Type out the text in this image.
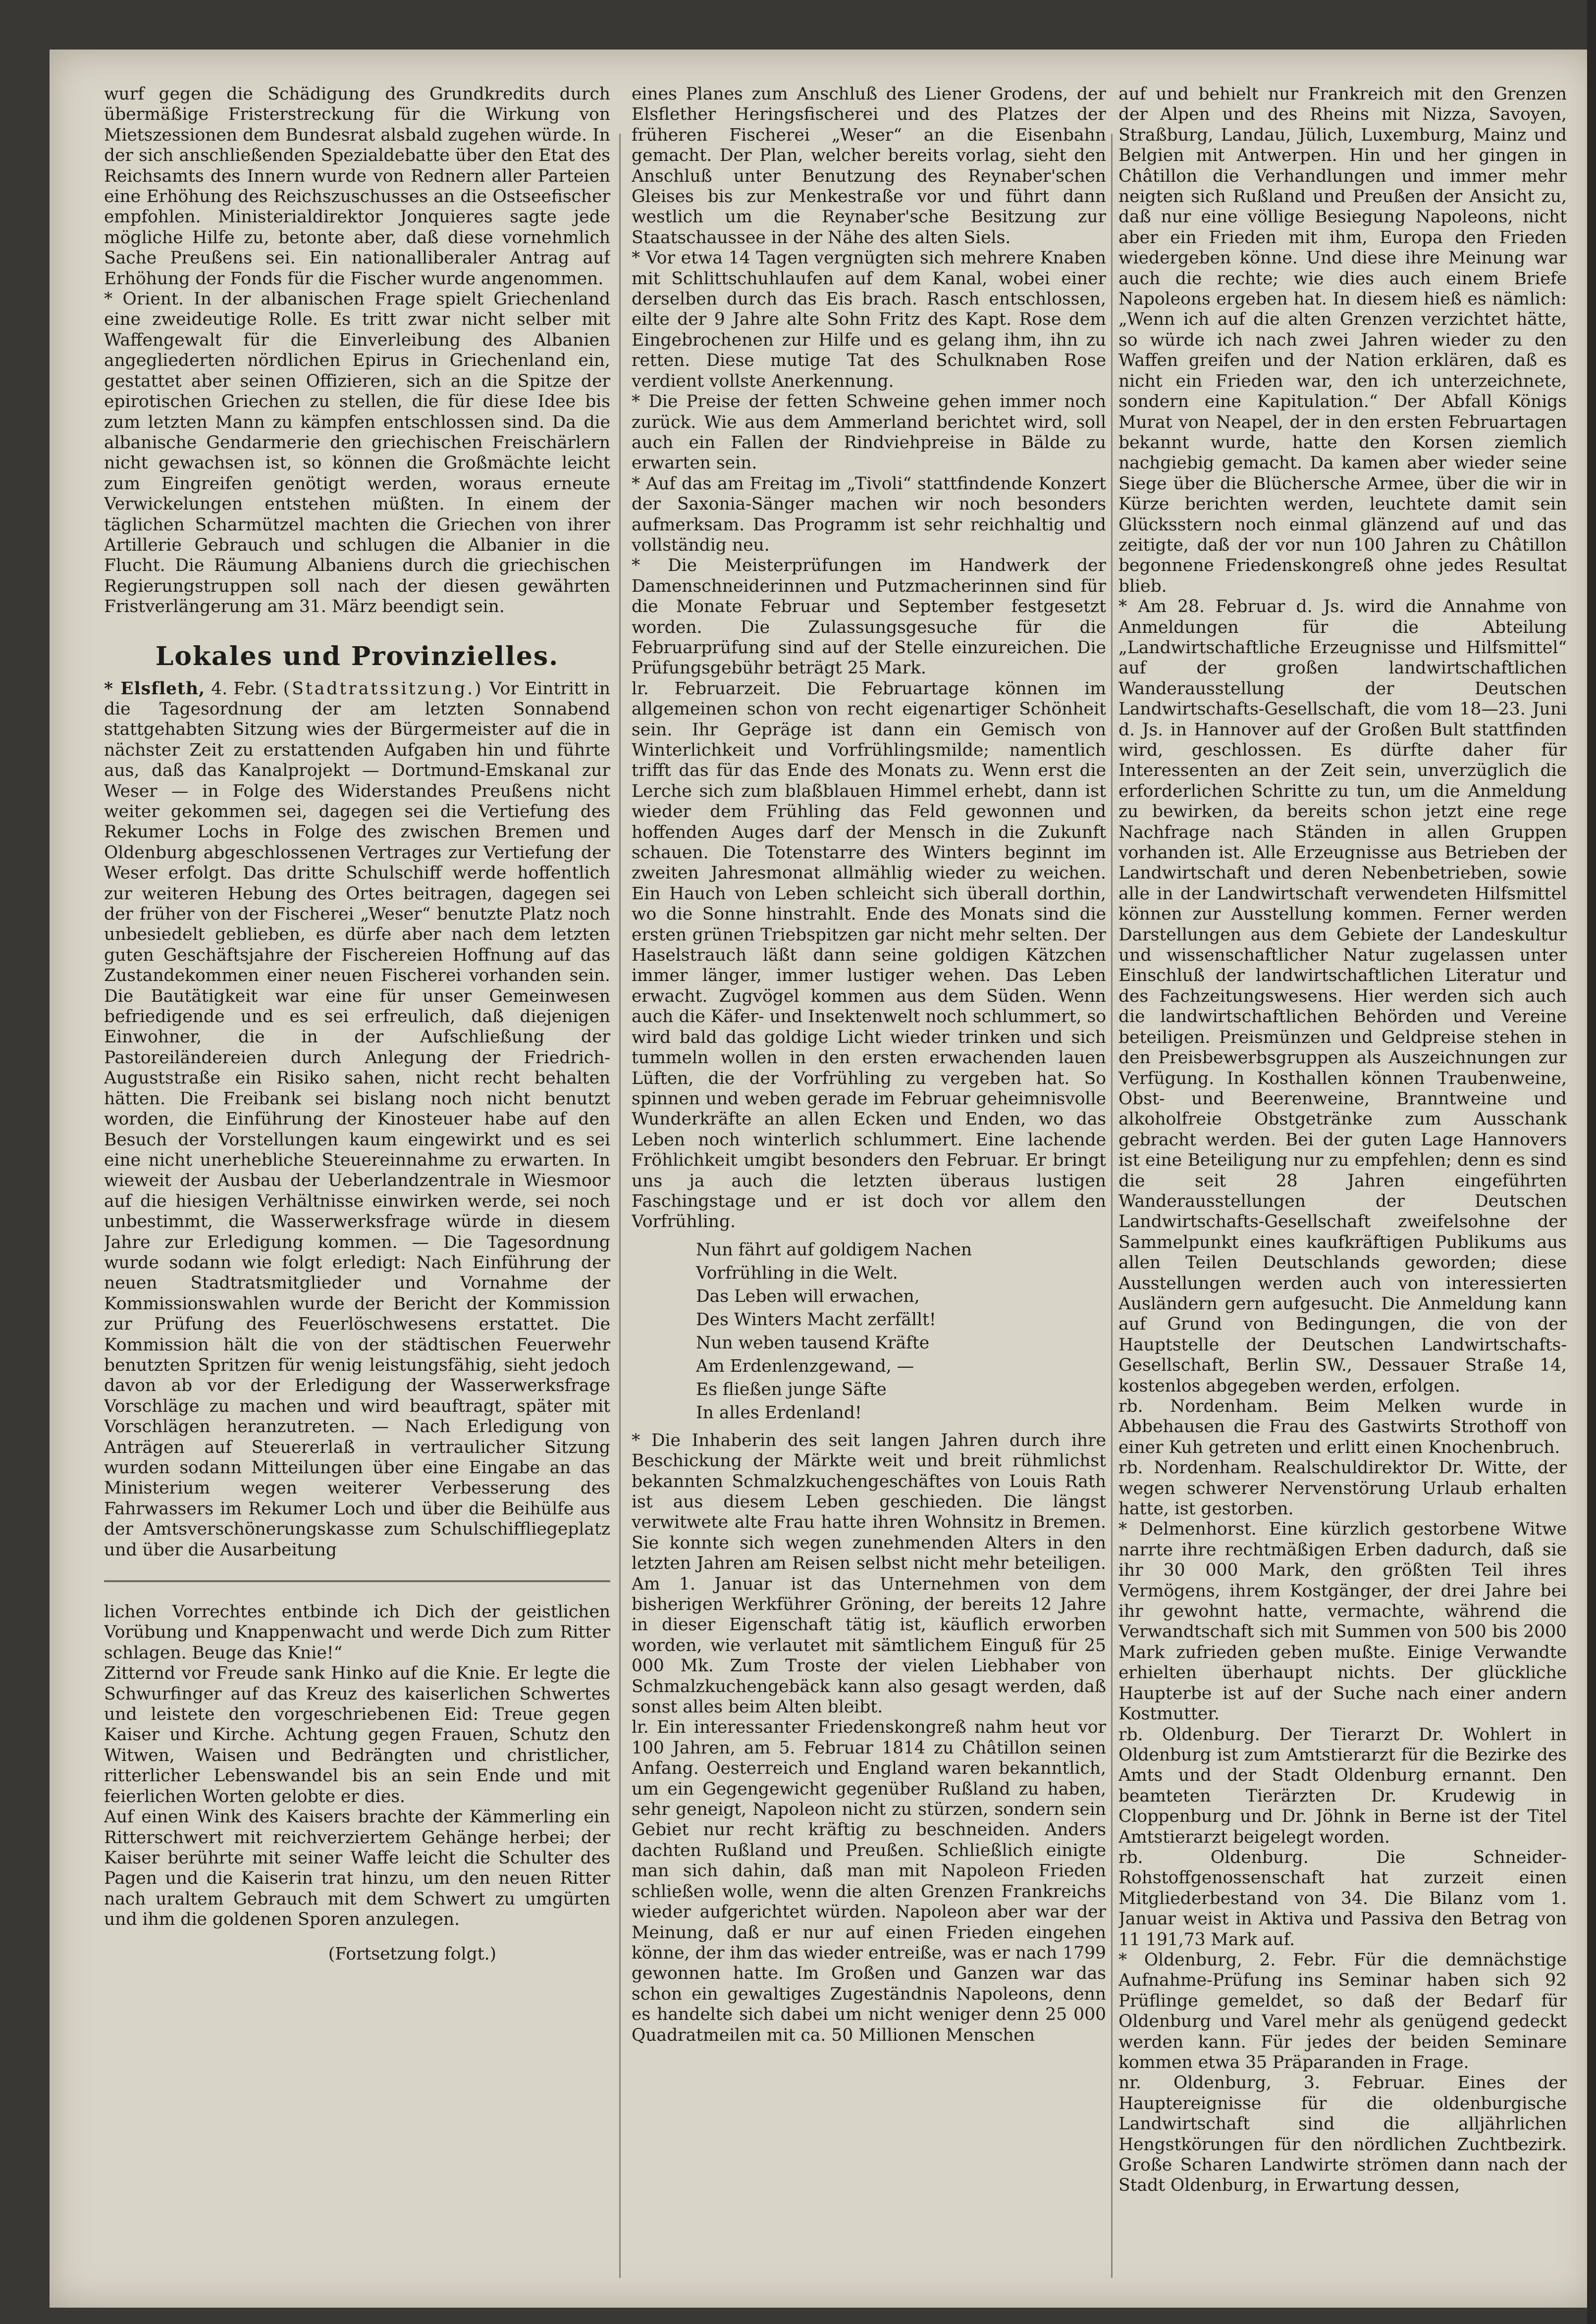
wurf gegen die Schädigung des Grundkredits durch übermäßige Fristerstreckung für die Wirkung von Mietszessionen dem Bundesrat alsbald zugehen würde. In der sich anschließenden Spezialdebatte über den Etat des Reichsamts des Innern wurde von Rednern aller Parteien eine Erhöhung des Reichszuschusses an die Ostseefischer empfohlen. Ministerialdirektor Jonquieres sagte jede mögliche Hilfe zu, betonte aber, daß diese vornehmlich Sache Preußens sei. Ein nationalliberaler Antrag auf Erhöhung der Fonds für die Fischer wurde angenommen.

* Orient. In der albanischen Frage spielt Griechenland eine zweideutige Rolle. Es tritt zwar nicht selber mit Waffengewalt für die Einverleibung des Albanien angegliederten nördlichen Epirus in Griechenland ein, gestattet aber seinen Offizieren, sich an die Spitze der epirotischen Griechen zu stellen, die für diese Idee bis zum letzten Mann zu kämpfen entschlossen sind. Da die albanische Gendarmerie den griechischen Freischärlern nicht gewachsen ist, so können die Großmächte leicht zum Eingreifen genötigt werden, woraus erneute Verwickelungen entstehen müßten. In einem der täglichen Scharmützel machten die Griechen von ihrer Artillerie Gebrauch und schlugen die Albanier in die Flucht. Die Räumung Albaniens durch die griechischen Regierungstruppen soll nach der diesen gewährten Fristverlängerung am 31. März beendigt sein.

Lokales und Provinzielles.

* Elsfleth, 4. Febr. (Stadtratssitzung.) Vor Eintritt in die Tagesordnung der am letzten Sonnabend stattgehabten Sitzung wies der Bürgermeister auf die in nächster Zeit zu erstattenden Aufgaben hin und führte aus, daß das Kanalprojekt — Dortmund-Emskanal zur Weser — in Folge des Widerstandes Preußens nicht weiter gekommen sei, dagegen sei die Vertiefung des Rekumer Lochs in Folge des zwischen Bremen und Oldenburg abgeschlossenen Vertrages zur Vertiefung der Weser erfolgt. Das dritte Schulschiff werde hoffentlich zur weiteren Hebung des Ortes beitragen, dagegen sei der früher von der Fischerei „Weser“ benutzte Platz noch unbesiedelt geblieben, es dürfe aber nach dem letzten guten Geschäftsjahre der Fischereien Hoffnung auf das Zustandekommen einer neuen Fischerei vorhanden sein. Die Bautätigkeit war eine für unser Gemeinwesen befriedigende und es sei erfreulich, daß diejenigen Einwohner, die in der Aufschließung der Pastoreiländereien durch Anlegung der Friedrich-Auguststraße ein Risiko sahen, nicht recht behalten hätten. Die Freibank sei bislang noch nicht benutzt worden, die Einführung der Kinosteuer habe auf den Besuch der Vorstellungen kaum eingewirkt und es sei eine nicht unerhebliche Steuereinnahme zu erwarten. In wieweit der Ausbau der Ueberlandzentrale in Wiesmoor auf die hiesigen Verhältnisse einwirken werde, sei noch unbestimmt, die Wasserwerksfrage würde in diesem Jahre zur Erledigung kommen. — Die Tagesordnung wurde sodann wie folgt erledigt: Nach Einführung der neuen Stadtratsmitglieder und Vornahme der Kommissionswahlen wurde der Bericht der Kommission zur Prüfung des Feuerlöschwesens erstattet. Die Kommission hält die von der städtischen Feuerwehr benutzten Spritzen für wenig leistungsfähig, sieht jedoch davon ab vor der Erledigung der Wasserwerksfrage Vorschläge zu machen und wird beauftragt, später mit Vorschlägen heranzutreten. — Nach Erledigung von Anträgen auf Steuererlaß in vertraulicher Sitzung wurden sodann Mitteilungen über eine Eingabe an das Ministerium wegen weiterer Verbesserung des Fahrwassers im Rekumer Loch und über die Beihülfe aus der Amtsverschönerungskasse zum Schulschiffliegeplatz und über die Ausarbeitung

lichen Vorrechtes entbinde ich Dich der geistlichen Vorübung und Knappenwacht und werde Dich zum Ritter schlagen. Beuge das Knie!“

Zitternd vor Freude sank Hinko auf die Knie. Er legte die Schwurfinger auf das Kreuz des kaiserlichen Schwertes und leistete den vorgeschriebenen Eid: Treue gegen Kaiser und Kirche. Achtung gegen Frauen, Schutz den Witwen, Waisen und Bedrängten und christlicher, ritterlicher Lebenswandel bis an sein Ende und mit feierlichen Worten gelobte er dies.

Auf einen Wink des Kaisers brachte der Kämmerling ein Ritterschwert mit reichverziertem Gehänge herbei; der Kaiser berührte mit seiner Waffe leicht die Schulter des Pagen und die Kaiserin trat hinzu, um den neuen Ritter nach uraltem Gebrauch mit dem Schwert zu umgürten und ihm die goldenen Sporen anzulegen.

(Fortsetzung folgt.)

eines Planes zum Anschluß des Liener Grodens, der Elsflether Heringsfischerei und des Platzes der früheren Fischerei „Weser“ an die Eisenbahn gemacht. Der Plan, welcher bereits vorlag, sieht den Anschluß unter Benutzung des Reynaber'schen Gleises bis zur Menkestraße vor und führt dann westlich um die Reynaber'sche Besitzung zur Staatschaussee in der Nähe des alten Siels.

* Vor etwa 14 Tagen vergnügten sich mehrere Knaben mit Schlittschuhlaufen auf dem Kanal, wobei einer derselben durch das Eis brach. Rasch entschlossen, eilte der 9 Jahre alte Sohn Fritz des Kapt. Rose dem Eingebrochenen zur Hilfe und es gelang ihm, ihn zu retten. Diese mutige Tat des Schulknaben Rose verdient vollste Anerkennung.

* Die Preise der fetten Schweine gehen immer noch zurück. Wie aus dem Ammerland berichtet wird, soll auch ein Fallen der Rindviehpreise in Bälde zu erwarten sein.

* Auf das am Freitag im „Tivoli“ stattfindende Konzert der Saxonia-Sänger machen wir noch besonders aufmerksam. Das Programm ist sehr reichhaltig und vollständig neu.

* Die Meisterprüfungen im Handwerk der Damenschneiderinnen und Putzmacherinnen sind für die Monate Februar und September festgesetzt worden. Die Zulassungsgesuche für die Februarprüfung sind auf der Stelle einzureichen. Die Prüfungsgebühr beträgt 25 Mark.

lr. Februarzeit. Die Februartage können im allgemeinen schon von recht eigenartiger Schönheit sein. Ihr Gepräge ist dann ein Gemisch von Winterlichkeit und Vorfrühlingsmilde; namentlich trifft das für das Ende des Monats zu. Wenn erst die Lerche sich zum blaßblauen Himmel erhebt, dann ist wieder dem Frühling das Feld gewonnen und hoffenden Auges darf der Mensch in die Zukunft schauen. Die Totenstarre des Winters beginnt im zweiten Jahresmonat allmählig wieder zu weichen. Ein Hauch von Leben schleicht sich überall dorthin, wo die Sonne hinstrahlt. Ende des Monats sind die ersten grünen Triebspitzen gar nicht mehr selten. Der Haselstrauch läßt dann seine goldigen Kätzchen immer länger, immer lustiger wehen. Das Leben erwacht. Zugvögel kommen aus dem Süden. Wenn auch die Käfer- und Insektenwelt noch schlummert, so wird bald das goldige Licht wieder trinken und sich tummeln wollen in den ersten erwachenden lauen Lüften, die der Vorfrühling zu vergeben hat. So spinnen und weben gerade im Februar geheimnisvolle Wunderkräfte an allen Ecken und Enden, wo das Leben noch winterlich schlummert. Eine lachende Fröhlichkeit umgibt besonders den Februar. Er bringt uns ja auch die letzten überaus lustigen Faschingstage und er ist doch vor allem den Vorfrühling.

Nun fährt auf goldigem Nachen
Vorfrühling in die Welt.
Das Leben will erwachen,
Des Winters Macht zerfällt!
Nun weben tausend Kräfte
Am Erdenlenzgewand, —
Es fließen junge Säfte
In alles Erdenland!

* Die Inhaberin des seit langen Jahren durch ihre Beschickung der Märkte weit und breit rühmlichst bekannten Schmalzkuchengeschäftes von Louis Rath ist aus diesem Leben geschieden. Die längst verwitwete alte Frau hatte ihren Wohnsitz in Bremen. Sie konnte sich wegen zunehmenden Alters in den letzten Jahren am Reisen selbst nicht mehr beteiligen. Am 1. Januar ist das Unternehmen von dem bisherigen Werkführer Gröning, der bereits 12 Jahre in dieser Eigenschaft tätig ist, käuflich erworben worden, wie verlautet mit sämtlichem Einguß für 25 000 Mk. Zum Troste der vielen Liebhaber von Schmalzkuchengebäck kann also gesagt werden, daß sonst alles beim Alten bleibt.

lr. Ein interessanter Friedenskongreß nahm heut vor 100 Jahren, am 5. Februar 1814 zu Châtillon seinen Anfang. Oesterreich und England waren bekanntlich, um ein Gegengewicht gegenüber Rußland zu haben, sehr geneigt, Napoleon nicht zu stürzen, sondern sein Gebiet nur recht kräftig zu beschneiden. Anders dachten Rußland und Preußen. Schließlich einigte man sich dahin, daß man mit Napoleon Frieden schließen wolle, wenn die alten Grenzen Frankreichs wieder aufgerichtet würden. Napoleon aber war der Meinung, daß er nur auf einen Frieden eingehen könne, der ihm das wieder entreiße, was er nach 1799 gewonnen hatte. Im Großen und Ganzen war das schon ein gewaltiges Zugeständnis Napoleons, denn es handelte sich dabei um nicht weniger denn 25 000 Quadratmeilen mit ca. 50 Millionen Menschen

auf und behielt nur Frankreich mit den Grenzen der Alpen und des Rheins mit Nizza, Savoyen, Straßburg, Landau, Jülich, Luxemburg, Mainz und Belgien mit Antwerpen. Hin und her gingen in Châtillon die Verhandlungen und immer mehr neigten sich Rußland und Preußen der Ansicht zu, daß nur eine völlige Besiegung Napoleons, nicht aber ein Frieden mit ihm, Europa den Frieden wiedergeben könne. Und diese ihre Meinung war auch die rechte; wie dies auch einem Briefe Napoleons ergeben hat. In diesem hieß es nämlich: „Wenn ich auf die alten Grenzen verzichtet hätte, so würde ich nach zwei Jahren wieder zu den Waffen greifen und der Nation erklären, daß es nicht ein Frieden war, den ich unterzeichnete, sondern eine Kapitulation.“ Der Abfall Königs Murat von Neapel, der in den ersten Februartagen bekannt wurde, hatte den Korsen ziemlich nachgiebig gemacht. Da kamen aber wieder seine Siege über die Blüchersche Armee, über die wir in Kürze berichten werden, leuchtete damit sein Glücksstern noch einmal glänzend auf und das zeitigte, daß der vor nun 100 Jahren zu Châtillon begonnene Friedenskongreß ohne jedes Resultat blieb.

* Am 28. Februar d. Js. wird die Annahme von Anmeldungen für die Abteilung „Landwirtschaftliche Erzeugnisse und Hilfsmittel“ auf der großen landwirtschaftlichen Wanderausstellung der Deutschen Landwirtschafts-Gesellschaft, die vom 18—23. Juni d. Js. in Hannover auf der Großen Bult stattfinden wird, geschlossen. Es dürfte daher für Interessenten an der Zeit sein, unverzüglich die erforderlichen Schritte zu tun, um die Anmeldung zu bewirken, da bereits schon jetzt eine rege Nachfrage nach Ständen in allen Gruppen vorhanden ist. Alle Erzeugnisse aus Betrieben der Landwirtschaft und deren Nebenbetrieben, sowie alle in der Landwirtschaft verwendeten Hilfsmittel können zur Ausstellung kommen. Ferner werden Darstellungen aus dem Gebiete der Landeskultur und wissenschaftlicher Natur zugelassen unter Einschluß der landwirtschaftlichen Literatur und des Fachzeitungswesens. Hier werden sich auch die landwirtschaftlichen Behörden und Vereine beteiligen. Preismünzen und Geldpreise stehen in den Preisbewerbsgruppen als Auszeichnungen zur Verfügung. In Kosthallen können Traubenweine, Obst- und Beerenweine, Branntweine und alkoholfreie Obstgetränke zum Ausschank gebracht werden. Bei der guten Lage Hannovers ist eine Beteiligung nur zu empfehlen; denn es sind die seit 28 Jahren eingeführten Wanderausstellungen der Deutschen Landwirtschafts-Gesellschaft zweifelsohne der Sammelpunkt eines kaufkräftigen Publikums aus allen Teilen Deutschlands geworden; diese Ausstellungen werden auch von interessierten Ausländern gern aufgesucht. Die Anmeldung kann auf Grund von Bedingungen, die von der Hauptstelle der Deutschen Landwirtschafts-Gesellschaft, Berlin SW., Dessauer Straße 14, kostenlos abgegeben werden, erfolgen.

rb. Nordenham. Beim Melken wurde in Abbehausen die Frau des Gastwirts Strothoff von einer Kuh getreten und erlitt einen Knochenbruch.

rb. Nordenham. Realschuldirektor Dr. Witte, der wegen schwerer Nervenstörung Urlaub erhalten hatte, ist gestorben.

* Delmenhorst. Eine kürzlich gestorbene Witwe narrte ihre rechtmäßigen Erben dadurch, daß sie ihr 30 000 Mark, den größten Teil ihres Vermögens, ihrem Kostgänger, der drei Jahre bei ihr gewohnt hatte, vermachte, während die Verwandtschaft sich mit Summen von 500 bis 2000 Mark zufrieden geben mußte. Einige Verwandte erhielten überhaupt nichts. Der glückliche Haupterbe ist auf der Suche nach einer andern Kostmutter.

rb. Oldenburg. Der Tierarzt Dr. Wohlert in Oldenburg ist zum Amtstierarzt für die Bezirke des Amts und der Stadt Oldenburg ernannt. Den beamteten Tierärzten Dr. Krudewig in Cloppenburg und Dr. Jöhnk in Berne ist der Titel Amtstierarzt beigelegt worden.

rb. Oldenburg. Die Schneider-Rohstoffgenossenschaft hat zurzeit einen Mitgliederbestand von 34. Die Bilanz vom 1. Januar weist in Aktiva und Passiva den Betrag von 11 191,73 Mark auf.

* Oldenburg, 2. Febr. Für die demnächstige Aufnahme-Prüfung ins Seminar haben sich 92 Prüflinge gemeldet, so daß der Bedarf für Oldenburg und Varel mehr als genügend gedeckt werden kann. Für jedes der beiden Seminare kommen etwa 35 Präparanden in Frage.

nr. Oldenburg, 3. Februar. Eines der Hauptereignisse für die oldenburgische Landwirtschaft sind die alljährlichen Hengstkörungen für den nördlichen Zuchtbezirk. Große Scharen Landwirte strömen dann nach der Stadt Oldenburg, in Erwartung dessen,
